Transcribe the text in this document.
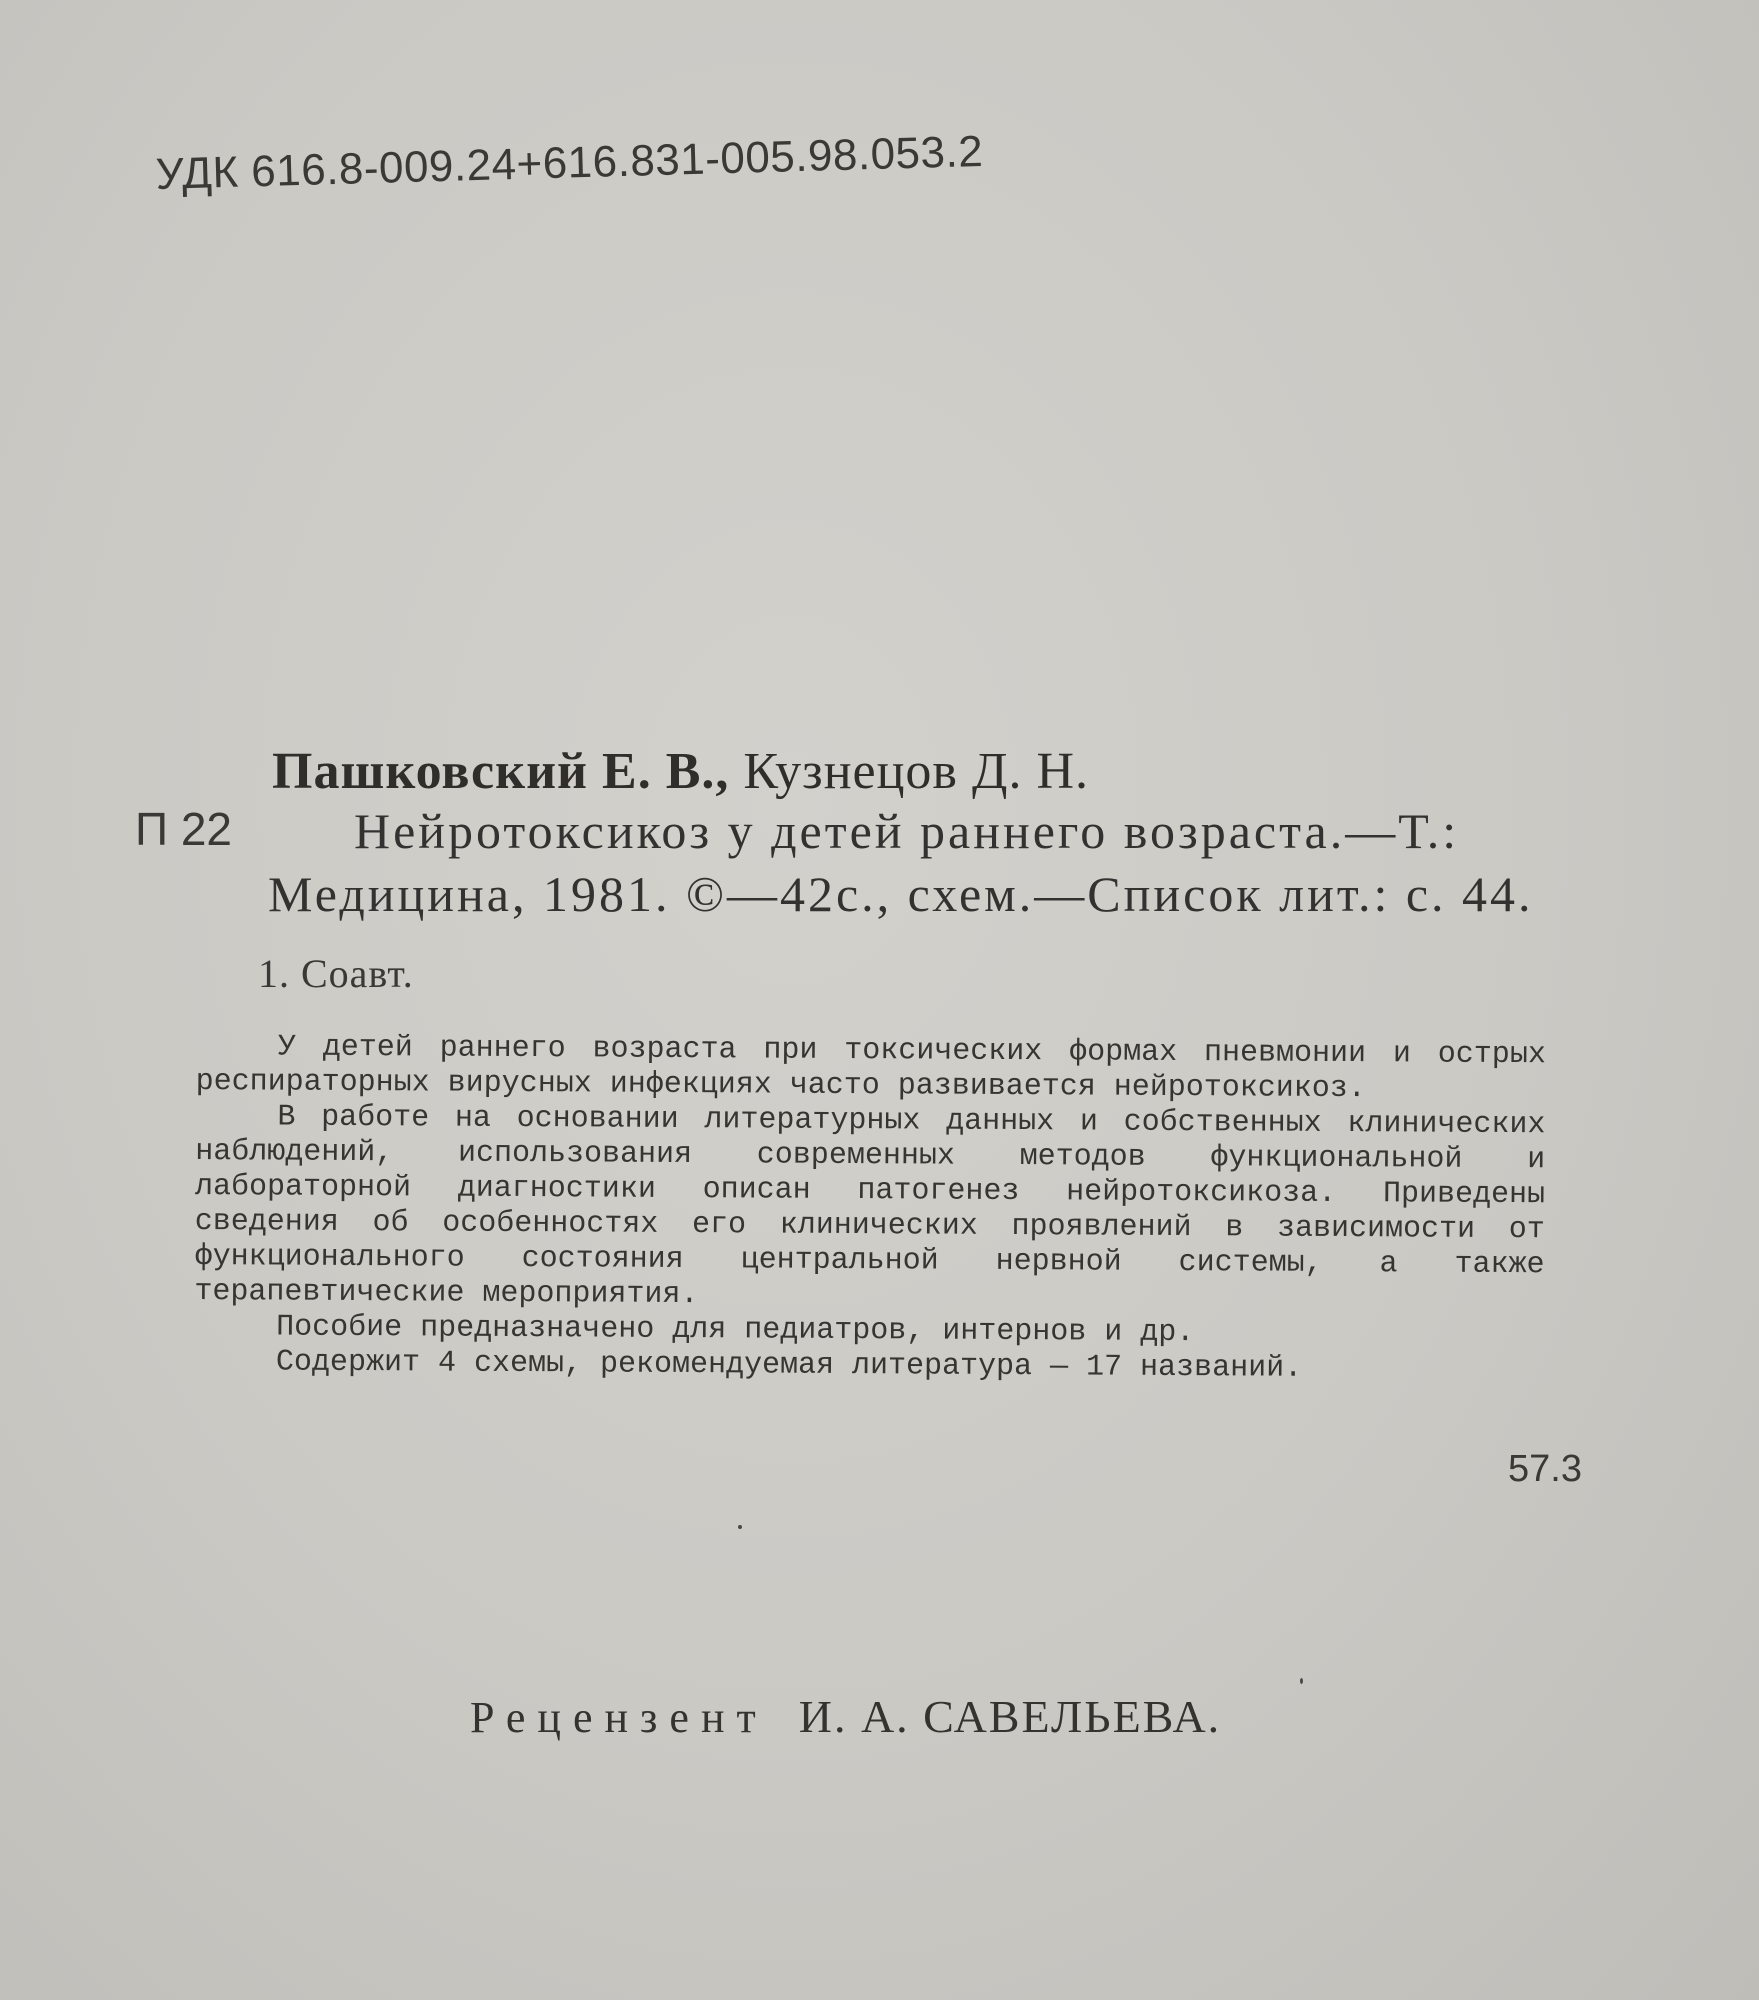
УДК 616.8-009.24+616.831-005.98.053.2
Пашковский Е. В., Кузнецов Д. Н.
П 22	Нейротоксикоз у детей раннего возраста.—Т.:
Медицина, 1981. ©—42с., схем.—Список лит.: с. 44.
1. Соавт.

У детей раннего возраста при токсических формах пневмонии и острых респираторных вирусных инфекциях часто развивается нейротоксикоз.

В работе на основании литературных данных и собственных клинических наблюдений, использования современных методов функциональной и лабораторной диагностики описан патогенез нейротоксикоза. Приведены сведения об особенностях его клинических проявлений в зависимости от функционального состояния центральной нервной системы, а также терапевтические мероприятия.

Пособие предназначено для педиатров, интернов и др.

Содержит 4 схемы, рекомендуемая литература — 17 названий.

57.3
Рецензент И. А. САВЕЛЬЕВА.
